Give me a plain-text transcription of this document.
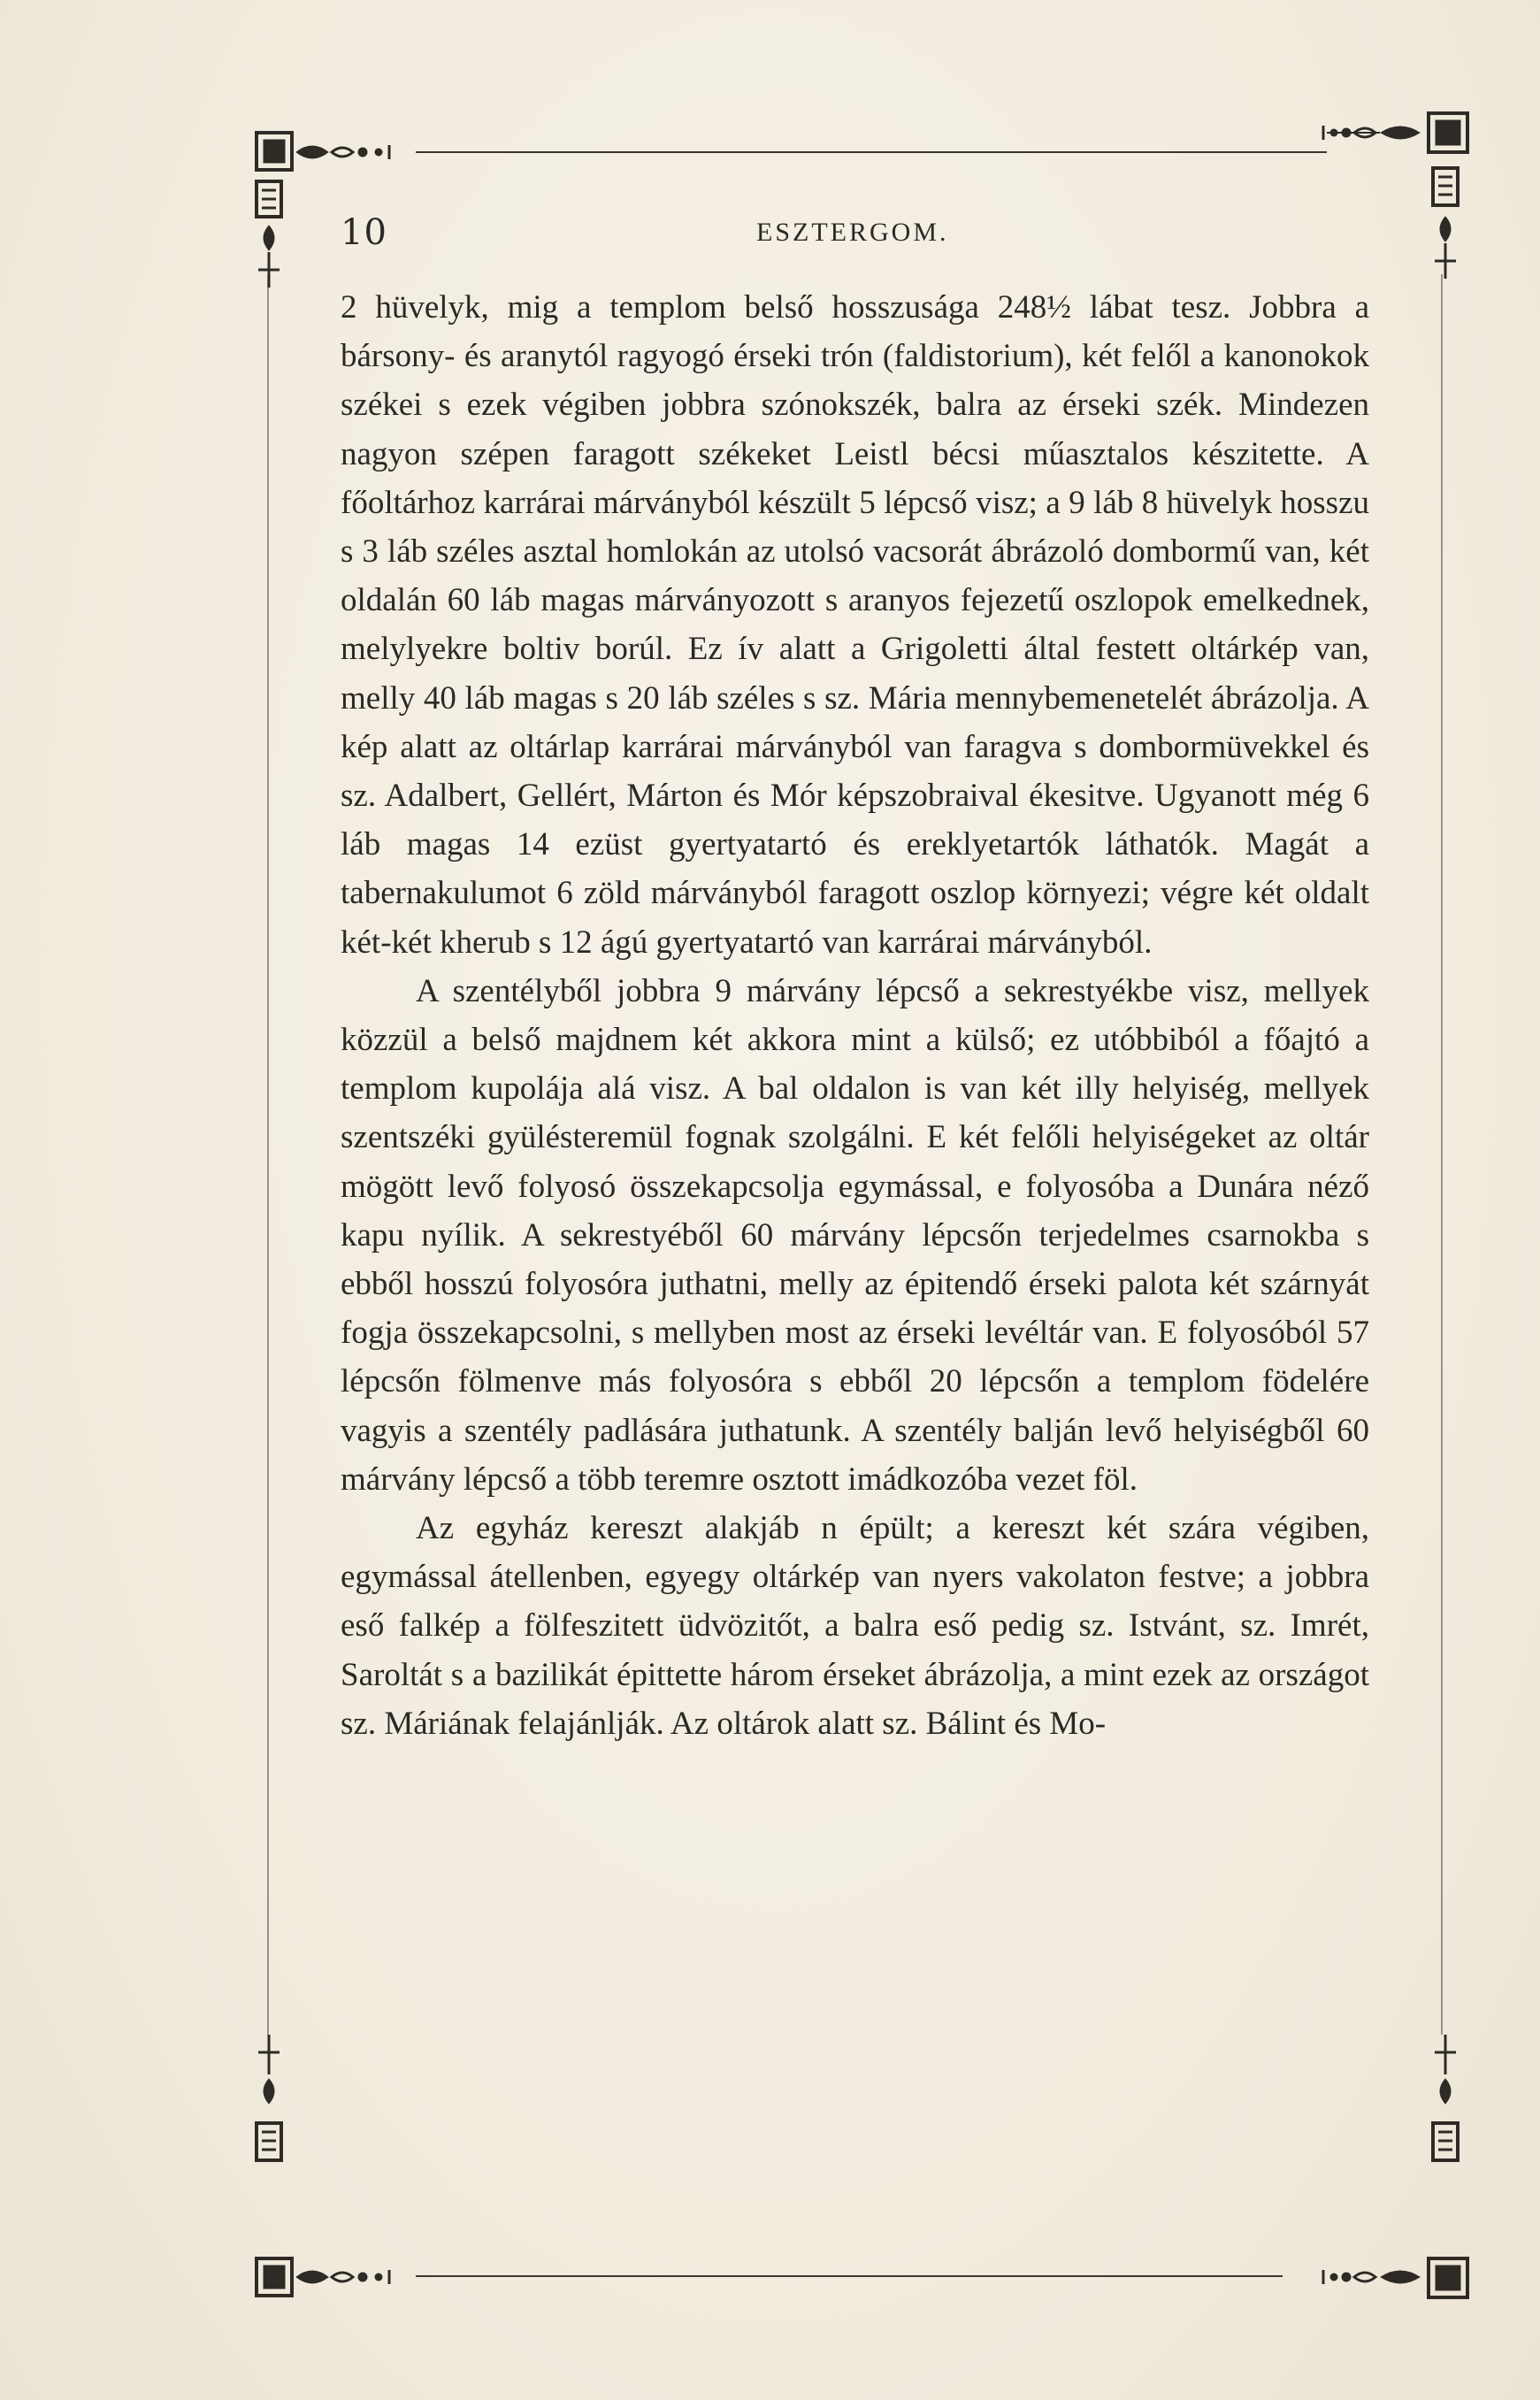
10	ESZTERGOM.

2 hüvelyk, mig a templom belső hosszusága 248½ lábat tesz. Jobbra a bársony- és aranytól ragyogó érseki trón (faldistorium), két felől a kanonokok székei s ezek végiben jobbra szónokszék, balra az érseki szék. Mindezen nagyon szépen faragott székeket Leistl bécsi műasztalos készitette. A főoltárhoz karrárai márványból készült 5 lépcső visz; a 9 láb 8 hüvelyk hosszu s 3 láb széles asztal homlokán az utolsó vacsorát ábrázoló dombormű van, két oldalán 60 láb magas márványozott s aranyos fejezetű oszlopok emelkednek, melylyekre boltiv borúl. Ez ív alatt a Grigoletti által festett oltárkép van, melly 40 láb magas s 20 láb széles s sz. Mária mennybemenetelét ábrázolja. A kép alatt az oltárlap karrárai márványból van faragva s dombormüvekkel és sz. Adalbert, Gellért, Márton és Mór képszobraival ékesitve. Ugyanott még 6 láb magas 14 ezüst gyertyatartó és ereklyetartók láthatók. Magát a tabernakulumot 6 zöld márványból faragott oszlop környezi; végre két oldalt két-két kherub s 12 ágú gyertyatartó van karrárai márványból.

A szentélyből jobbra 9 márvány lépcső a sekrestyékbe visz, mellyek közzül a belső majdnem két akkora mint a külső; ez utóbbiból a főajtó a templom kupolája alá visz. A bal oldalon is van két illy helyiség, mellyek szentszéki gyülésteremül fognak szolgálni. E két felőli helyiségeket az oltár mögött levő folyosó összekapcsolja egymással, e folyosóba a Dunára néző kapu nyílik. A sekrestyéből 60 márvány lépcsőn terjedelmes csarnokba s ebből hosszú folyosóra juthatni, melly az épitendő érseki palota két szárnyát fogja összekapcsolni, s mellyben most az érseki levéltár van. E folyosóból 57 lépcsőn fölmenve más folyosóra s ebből 20 lépcsőn a templom födelére vagyis a szentély padlására juthatunk. A szentély balján levő helyiségből 60 márvány lépcső a több teremre osztott imádkozóba vezet föl.

Az egyház kereszt alakjáb n épült; a kereszt két szára végiben, egymással átellenben, egyegy oltárkép van nyers vakolaton festve; a jobbra eső falkép a fölfeszitett üdvözitőt, a balra eső pedig sz. Istvánt, sz. Imrét, Saroltát s a bazilikát épittette három érseket ábrázolja, a mint ezek az országot sz. Máriának felajánlják. Az oltárok alatt sz. Bálint és Mo-
